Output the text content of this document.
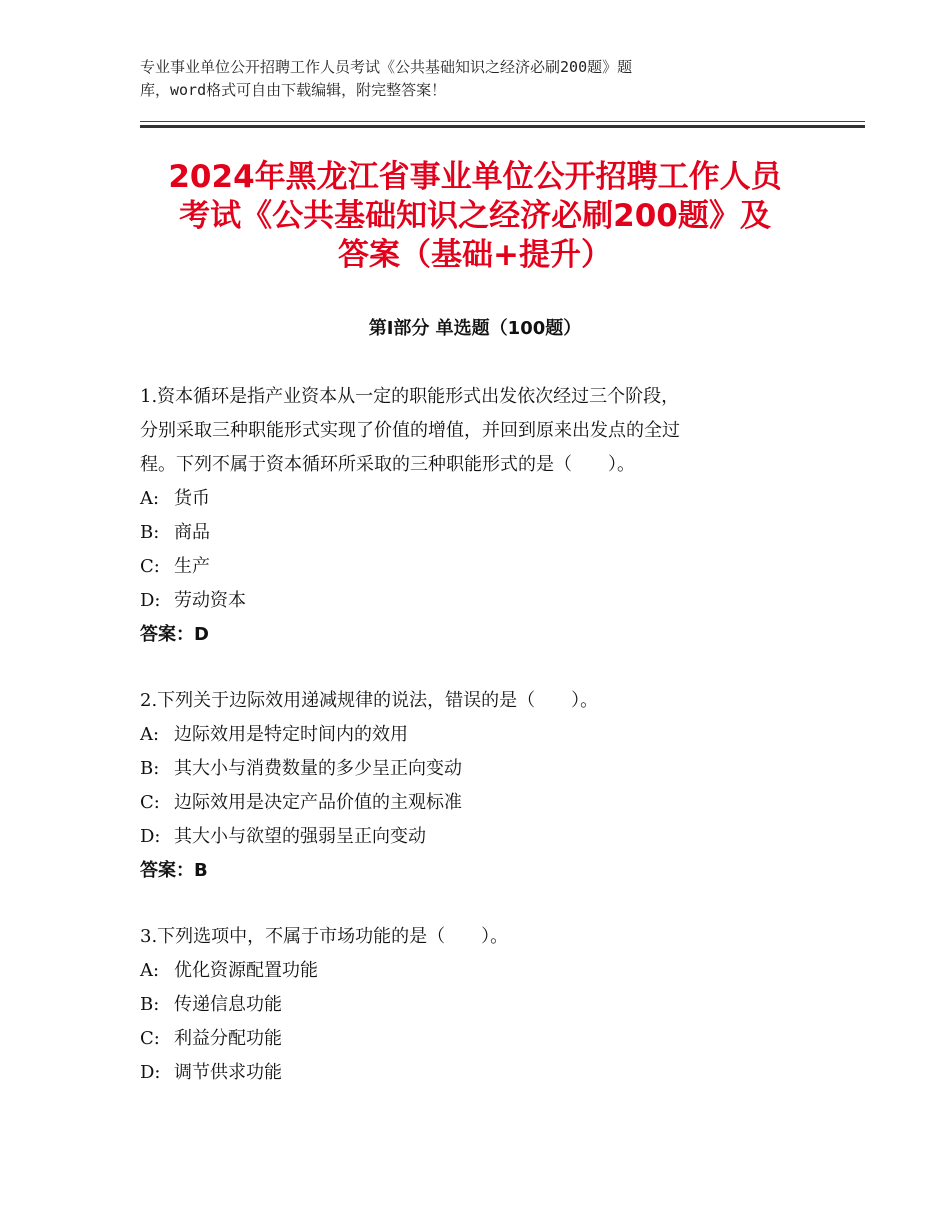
专业事业单位公开招聘工作人员考试《公共基础知识之经济必刷200题》题
库，word格式可自由下载编辑，附完整答案！
2024年黑龙江省事业单位公开招聘工作人员
考试《公共基础知识之经济必刷200题》及
答案（基础+提升）
第Ⅰ部分 单选题（100题）
1.资本循环是指产业资本从一定的职能形式出发依次经过三个阶段，
分别采取三种职能形式实现了价值的增值，并回到原来出发点的全过
程。下列不属于资本循环所采取的三种职能形式的是（　　）。
A: 货币
B: 商品
C: 生产
D: 劳动资本
答案：D
2.下列关于边际效用递减规律的说法，错误的是（　　）。
A: 边际效用是特定时间内的效用
B: 其大小与消费数量的多少呈正向变动
C: 边际效用是决定产品价值的主观标准
D: 其大小与欲望的强弱呈正向变动
答案：B
3.下列选项中，不属于市场功能的是（　　）。
A: 优化资源配置功能
B: 传递信息功能
C: 利益分配功能
D: 调节供求功能
